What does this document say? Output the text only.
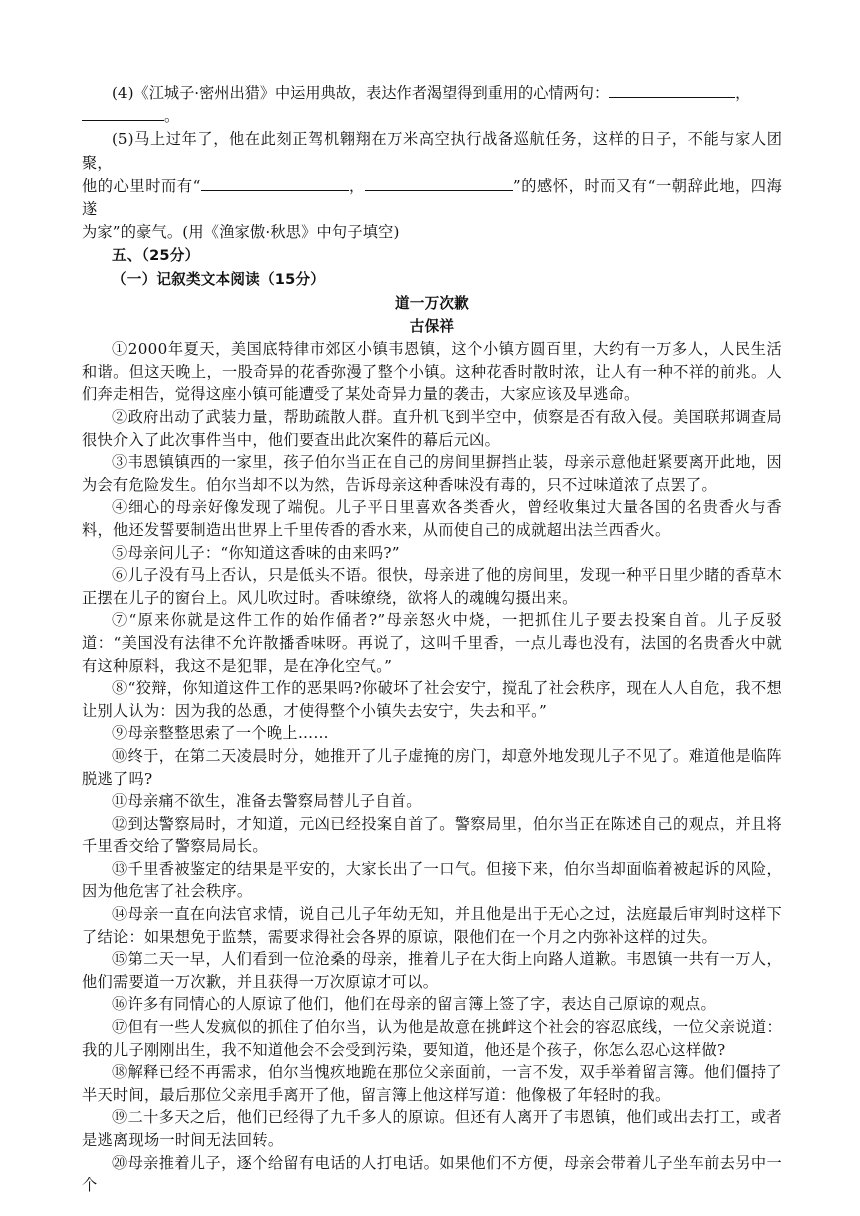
(4)《江城子·密州出猎》中运用典故，表达作者渴望得到重用的心情两句：	，

。

(5)马上过年了，他在此刻正驾机翱翔在万米高空执行战备巡航任务，这样的日子，不能与家人团聚，

他的心里时而有“	，	”的感怀，时而又有“一朝辞此地，四海遂

为家”的豪气。(用《渔家傲·秋思》中句子填空)

五、（25分）

（一）记叙类文本阅读（15分）

道一万次歉

古保祥

①2000年夏天，美国底特律市郊区小镇韦恩镇，这个小镇方圆百里，大约有一万多人，人民生活和谐。但这天晚上，一股奇异的花香弥漫了整个小镇。这种花香时散时浓，让人有一种不祥的前兆。人们奔走相告，觉得这座小镇可能遭受了某处奇异力量的袭击，大家应该及早逃命。

②政府出动了武装力量，帮助疏散人群。直升机飞到半空中，侦察是否有敌入侵。美国联邦调查局很快介入了此次事件当中，他们要查出此次案件的幕后元凶。

③韦恩镇镇西的一家里，孩子伯尔当正在自己的房间里摒挡止装，母亲示意他赶紧要离开此地，因为会有危险发生。伯尔当却不以为然，告诉母亲这种香味没有毒的，只不过味道浓了点罢了。

④细心的母亲好像发现了端倪。儿子平日里喜欢各类香火，曾经收集过大量各国的名贵香火与香料，他还发誓要制造出世界上千里传香的香水来，从而使自己的成就超出法兰西香火。

⑤母亲问儿子：“你知道这香味的由来吗?”

⑥儿子没有马上否认，只是低头不语。很快，母亲进了他的房间里，发现一种平日里少睹的香草木正摆在儿子的窗台上。风儿吹过时。香味缭绕，欲将人的魂魄勾摄出来。

⑦“原来你就是这件工作的始作俑者?”母亲怒火中烧，一把抓住儿子要去投案自首。儿子反驳道：“美国没有法律不允许散播香味呀。再说了，这叫千里香，一点儿毒也没有，法国的名贵香火中就有这种原料，我这不是犯罪，是在净化空气。”

⑧“狡辩，你知道这件工作的恶果吗?你破坏了社会安宁，搅乱了社会秩序，现在人人自危，我不想让别人认为：因为我的怂恿，才使得整个小镇失去安宁，失去和平。”

⑨母亲整整思索了一个晚上……

⑩终于，在第二天凌晨时分，她推开了儿子虚掩的房门，却意外地发现儿子不见了。难道他是临阵脱逃了吗?

⑪母亲痛不欲生，准备去警察局替儿子自首。

⑫到达警察局时，才知道，元凶已经投案自首了。警察局里，伯尔当正在陈述自己的观点，并且将千里香交给了警察局局长。

⑬千里香被鉴定的结果是平安的，大家长出了一口气。但接下来，伯尔当却面临着被起诉的风险，因为他危害了社会秩序。

⑭母亲一直在向法官求情，说自己儿子年幼无知，并且他是出于无心之过，法庭最后审判时这样下了结论：如果想免于监禁，需要求得社会各界的原谅，限他们在一个月之内弥补这样的过失。

⑮第二天一早，人们看到一位沧桑的母亲，推着儿子在大街上向路人道歉。韦恩镇一共有一万人，他们需要道一万次歉，并且获得一万次原谅才可以。

⑯许多有同情心的人原谅了他们，他们在母亲的留言簿上签了字，表达自己原谅的观点。

⑰但有一些人发疯似的抓住了伯尔当，认为他是故意在挑衅这个社会的容忍底线，一位父亲说道：我的儿子刚刚出生，我不知道他会不会受到污染，要知道，他还是个孩子，你怎么忍心这样做?

⑱解释已经不再需求，伯尔当愧疚地跪在那位父亲面前，一言不发，双手举着留言簿。他们僵持了半天时间，最后那位父亲甩手离开了他，留言簿上他这样写道：他像极了年轻时的我。

⑲二十多天之后，他们已经得了九千多人的原谅。但还有人离开了韦恩镇，他们或出去打工，或者是逃离现场一时间无法回转。

⑳母亲推着儿子，逐个给留有电话的人打电话。如果他们不方便，母亲会带着儿子坐车前去另中一个
